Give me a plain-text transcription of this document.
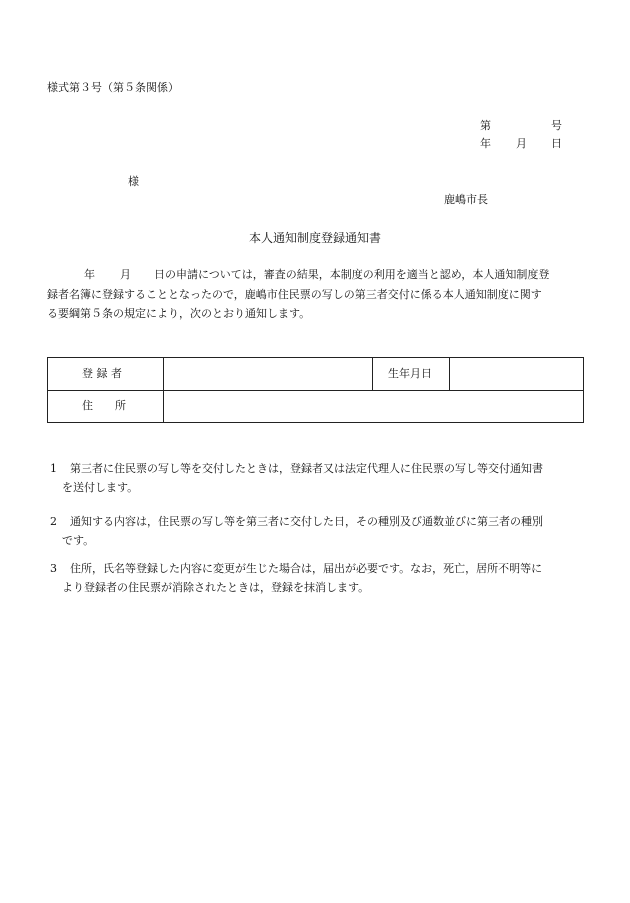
様式第３号（第５条関係）
第	号
年 月 日
様
鹿嶋市長
本人通知制度登録通知書
年 月 日の申請については，審査の結果，本制度の利用を適当と認め，本人通知制度登
録者名簿に登録することとなったので，鹿嶋市住民票の写しの第三者交付に係る本人通知制度に関す
る要綱第５条の規定により，次のとおり通知します。
登 録 者	生年月日
住　　所
1	第三者に住民票の写し等を交付したときは，登録者又は法定代理人に住民票の写し等交付通知書
を送付します。
2	通知する内容は，住民票の写し等を第三者に交付した日，その種別及び通数並びに第三者の種別
です。
3	住所，氏名等登録した内容に変更が生じた場合は，届出が必要です。なお，死亡，居所不明等に
より登録者の住民票が消除されたときは，登録を抹消します。
